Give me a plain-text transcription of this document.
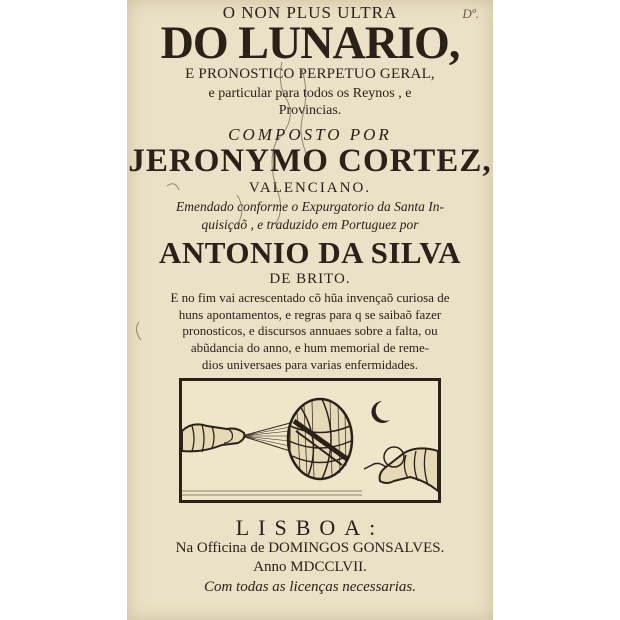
Dº.
O NON PLUS ULTRA
DO LUNARIO,
E PRONOSTICO PERPETUO GERAL,
e particular para todos os Reynos , e
Provincias.
COMPOSTO POR
JERONYMO CORTEZ,
VALENCIANO.
Emendado conforme o Expurgatorio da Santa In-
quisiçaõ , e traduzido em Portuguez por
ANTONIO DA SILVA
DE BRITO.
E no fim vai acrescentado cõ hũa invençaõ curiosa de
huns apontamentos, e regras para q se saibaõ fazer
pronosticos, e discursos annuaes sobre a falta, ou
abũdancia do anno, e hum memorial de reme-
dios universaes para varias enfermidades.
LISBOA:
Na Officina de DOMINGOS GONSALVES.
Anno MDCCLVII.
Com todas as licenças necessarias.
